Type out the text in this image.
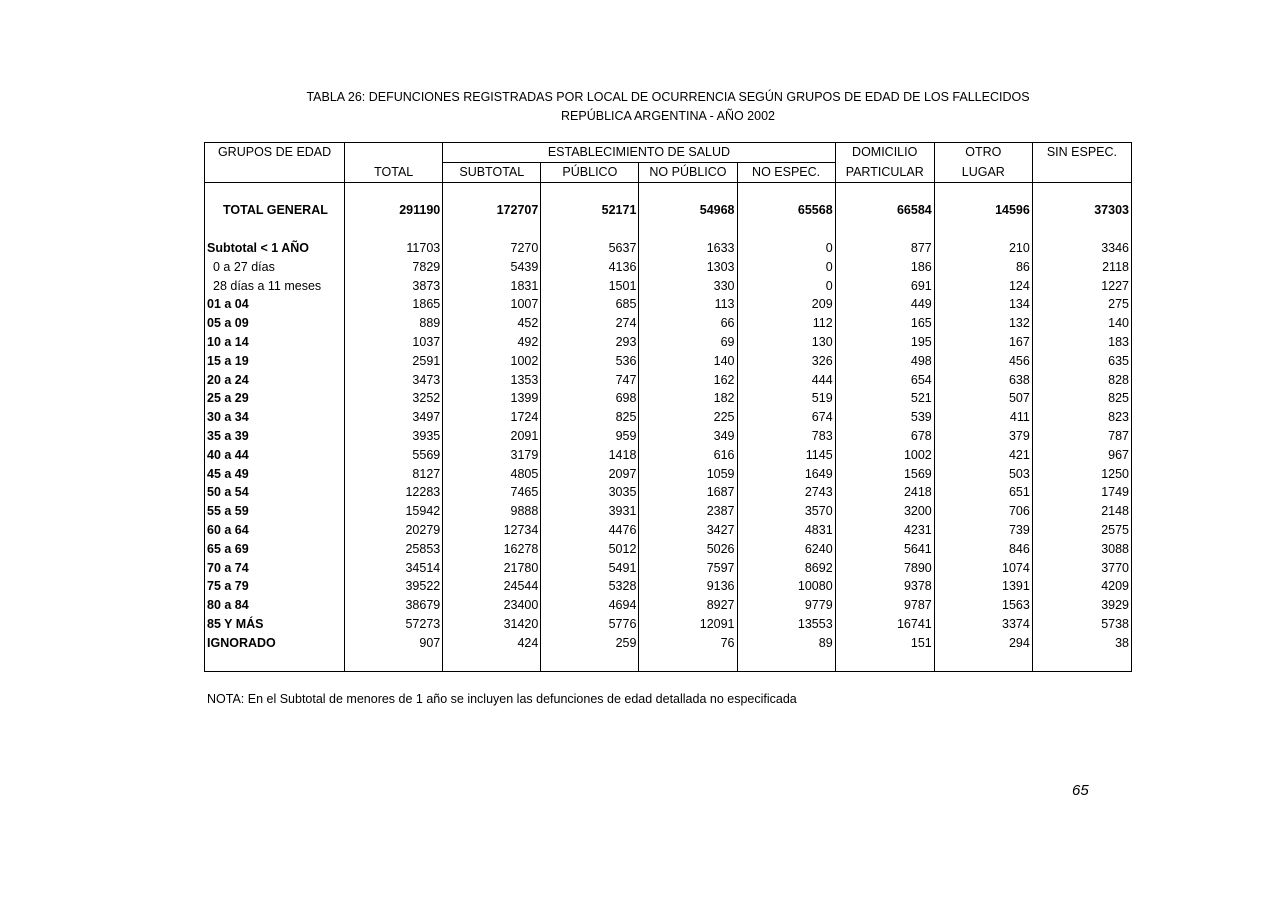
TABLA 26: DEFUNCIONES REGISTRADAS POR LOCAL DE OCURRENCIA SEGÚN GRUPOS DE EDAD DE LOS FALLECIDOS
REPÚBLICA ARGENTINA - AÑO 2002
GRUPOS DE EDAD		ESTABLECIMIENTO DE SALUD				DOMICILIO	OTRO	SIN ESPEC.
	TOTAL	SUBTOTAL	PÚBLICO	NO PÚBLICO	NO ESPEC.	PARTICULAR	LUGAR	

TOTAL GENERAL	291190	172707	52171	54968	65568	66584	14596	37303

Subtotal < 1 AÑO	11703	7270	5637	1633	0	877	210	3346
0 a 27 días	7829	5439	4136	1303	0	186	86	2118
28 días a 11 meses	3873	1831	1501	330	0	691	124	1227
01 a 04	1865	1007	685	113	209	449	134	275
05 a 09	889	452	274	66	112	165	132	140
10 a 14	1037	492	293	69	130	195	167	183
15 a 19	2591	1002	536	140	326	498	456	635
20 a 24	3473	1353	747	162	444	654	638	828
25 a 29	3252	1399	698	182	519	521	507	825
30 a 34	3497	1724	825	225	674	539	411	823
35 a 39	3935	2091	959	349	783	678	379	787
40 a 44	5569	3179	1418	616	1145	1002	421	967
45 a 49	8127	4805	2097	1059	1649	1569	503	1250
50 a 54	12283	7465	3035	1687	2743	2418	651	1749
55 a 59	15942	9888	3931	2387	3570	3200	706	2148
60 a 64	20279	12734	4476	3427	4831	4231	739	2575
65 a 69	25853	16278	5012	5026	6240	5641	846	3088
70 a 74	34514	21780	5491	7597	8692	7890	1074	3770
75 a 79	39522	24544	5328	9136	10080	9378	1391	4209
80 a 84	38679	23400	4694	8927	9779	9787	1563	3929
85 Y MÁS	57273	31420	5776	12091	13553	16741	3374	5738
IGNORADO	907	424	259	76	89	151	294	38

NOTA: En el Subtotal de menores de 1 año se incluyen las defunciones de edad detallada no especificada
65
